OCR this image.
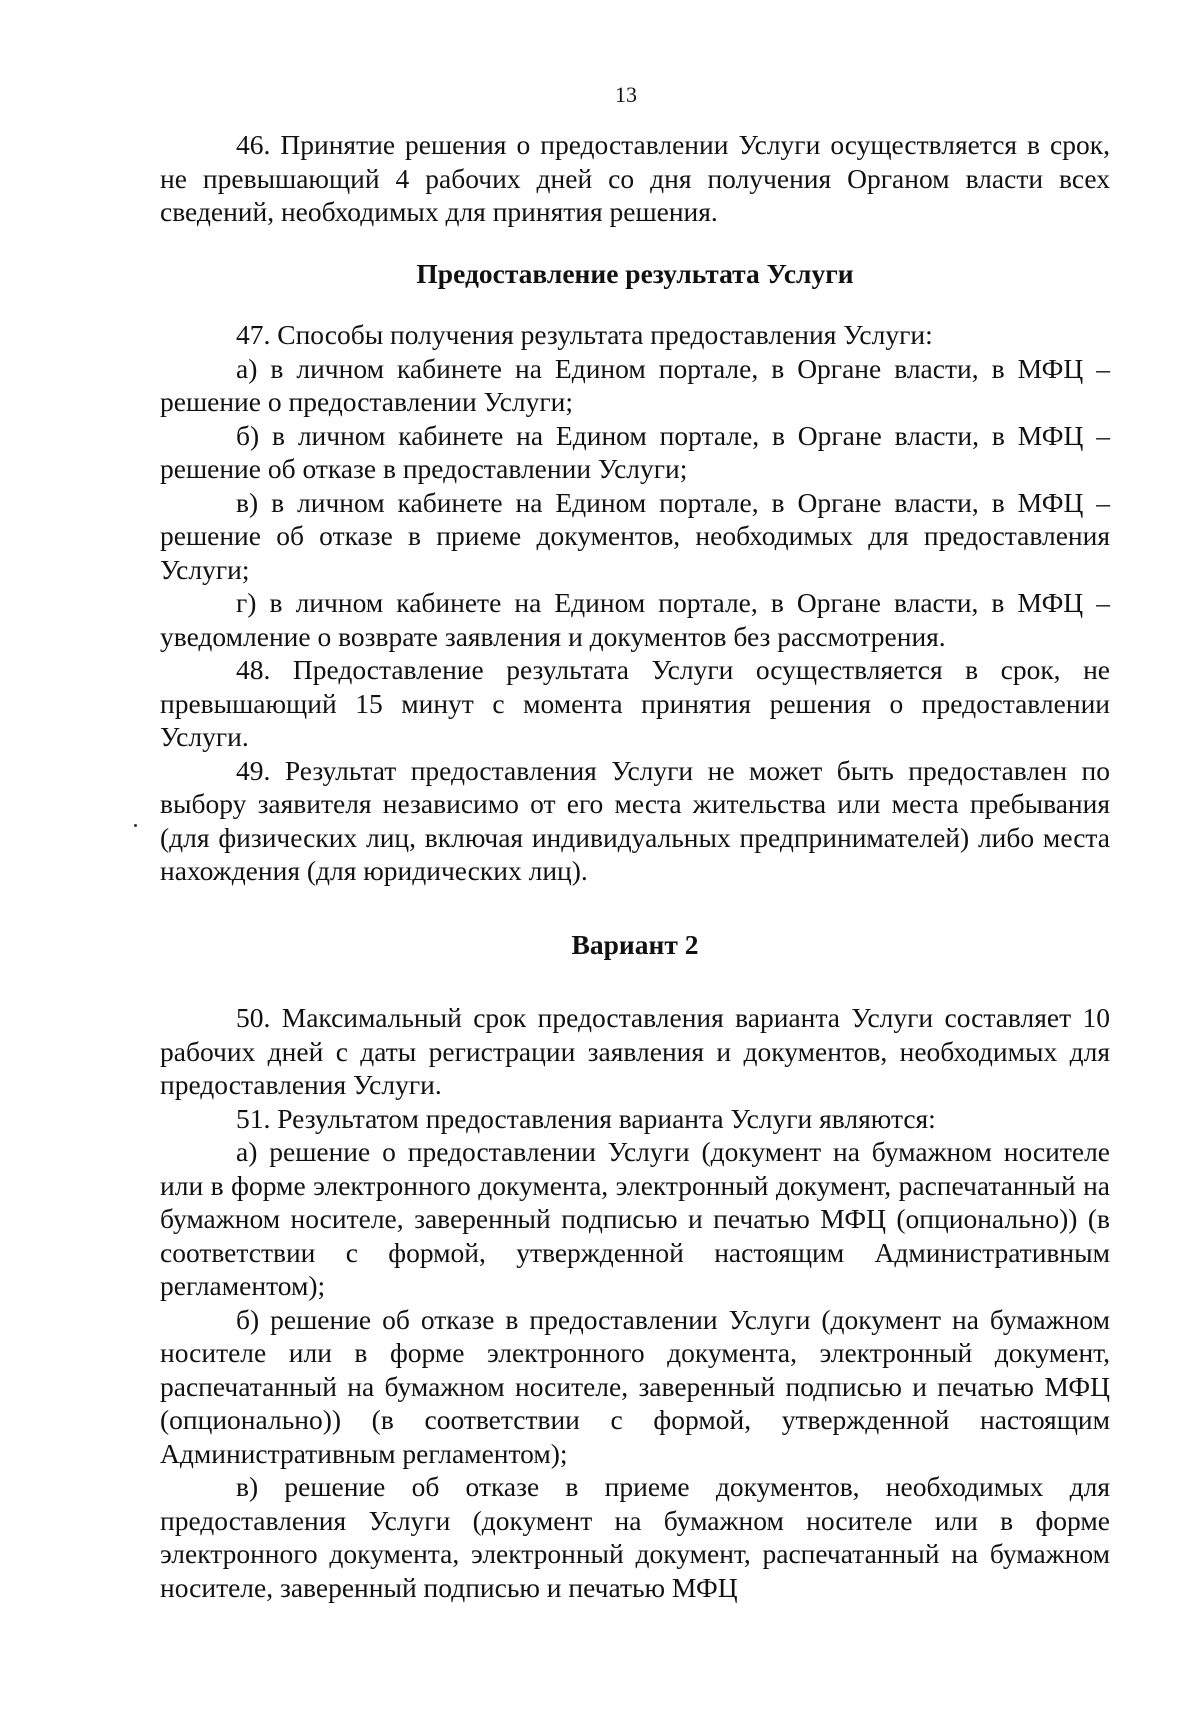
13

46. Принятие решения о предоставлении Услуги осуществляется в срок, не превышающий 4 рабочих дней со дня получения Органом власти всех сведений, необходимых для принятия решения.

Предоставление результата Услуги

47. Способы получения результата предоставления Услуги:

а) в личном кабинете на Едином портале, в Органе власти, в МФЦ – решение о предоставлении Услуги;

б) в личном кабинете на Едином портале, в Органе власти, в МФЦ – решение об отказе в предоставлении Услуги;

в) в личном кабинете на Едином портале, в Органе власти, в МФЦ – решение об отказе в приеме документов, необходимых для предоставления Услуги;

г) в личном кабинете на Едином портале, в Органе власти, в МФЦ – уведомление о возврате заявления и документов без рассмотрения.

48. Предоставление результата Услуги осуществляется в срок, не превышающий 15 минут с момента принятия решения о предоставлении Услуги.

49. Результат предоставления Услуги не может быть предоставлен по выбору заявителя независимо от его места жительства или места пребывания (для физических лиц, включая индивидуальных предпринимателей) либо места нахождения (для юридических лиц).

Вариант 2

50. Максимальный срок предоставления варианта Услуги составляет 10 рабочих дней с даты регистрации заявления и документов, необходимых для предоставления Услуги.

51. Результатом предоставления варианта Услуги являются:

а) решение о предоставлении Услуги (документ на бумажном носителе или в форме электронного документа, электронный документ, распечатанный на бумажном носителе, заверенный подписью и печатью МФЦ (опционально)) (в соответствии с формой, утвержденной настоящим Административным регламентом);

б) решение об отказе в предоставлении Услуги (документ на бумажном носителе или в форме электронного документа, электронный документ, распечатанный на бумажном носителе, заверенный подписью и печатью МФЦ (опционально)) (в соответствии с формой, утвержденной настоящим Административным регламентом);

в) решение об отказе в приеме документов, необходимых для предоставления Услуги (документ на бумажном носителе или в форме электронного документа, электронный документ, распечатанный на бумажном носителе, заверенный подписью и печатью МФЦ
